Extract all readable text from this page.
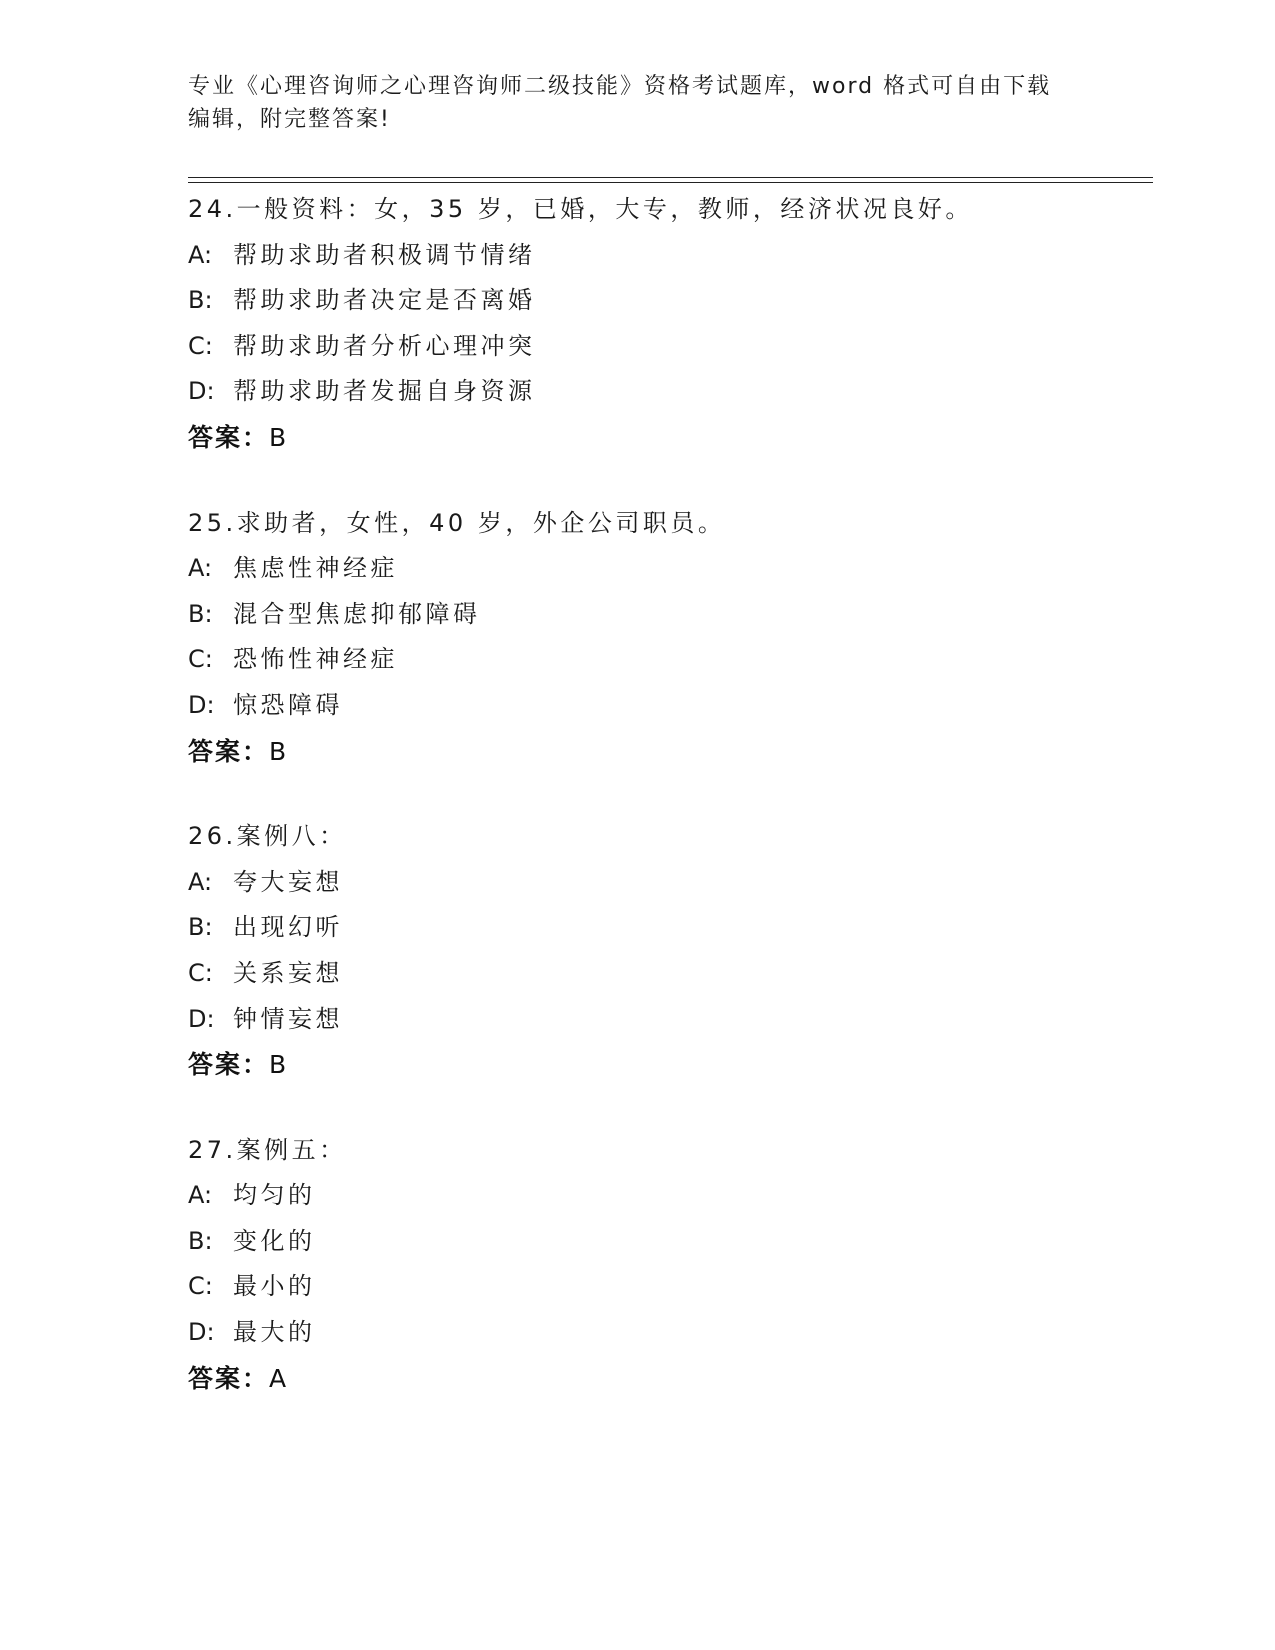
专业《心理咨询师之心理咨询师二级技能》资格考试题库，word 格式可自由下载
编辑，附完整答案!
24.一般资料：女，35 岁，已婚，大专，教师，经济状况良好。
A: 帮助求助者积极调节情绪
B: 帮助求助者决定是否离婚
C: 帮助求助者分析心理冲突
D: 帮助求助者发掘自身资源
答案：B
25.求助者，女性，40 岁，外企公司职员。
A: 焦虑性神经症
B: 混合型焦虑抑郁障碍
C: 恐怖性神经症
D: 惊恐障碍
答案：B
26.案例八：
A: 夸大妄想
B: 出现幻听
C: 关系妄想
D: 钟情妄想
答案：B
27.案例五：
A: 均匀的
B: 变化的
C: 最小的
D: 最大的
答案：A
